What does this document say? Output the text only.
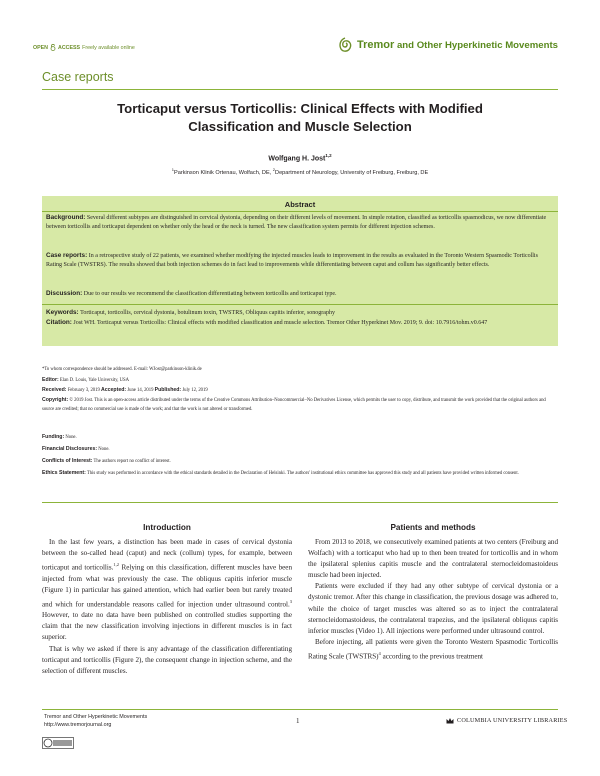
OPEN ACCESS Freely available online	Tremor and Other Hyperkinetic Movements
Case reports
Torticaput versus Torticollis: Clinical Effects with Modified
Classification and Muscle Selection
Wolfgang H. Jost$^{1,2}$
$^1$Parkinson Klinik Ortenau, Wolfach, DE, $^2$Department of Neurology, University of Freiburg, Freiburg, DE
Abstract
Background: Several different subtypes are distinguished in cervical dystonia, depending on their different levels of movement. In simple rotation, classified as torticollis spasmodicus, we now differentiate between torticollis and torticaput dependent on whether only the head or the neck is turned. The new classification system permits for different injection schemes.
Case reports: In a retrospective study of 22 patients, we examined whether modifying the injected muscles leads to improvement in the results as evaluated in the Toronto Western Spasmodic Torticollis Rating Scale (TWSTRS). The results showed that both injection schemes do in fact lead to improvements while differentiating between caput and collum has significantly better effects.
Discussion: Due to our results we recommend the classification differentiating between torticollis and torticaput type.
Keywords: Torticaput, torticollis, cervical dystonia, botulinum toxin, TWSTRS, Obliquus capitis inferior, sonography
Citation: Jost WH. Torticaput versus Torticollis: Clinical effects with modified classification and muscle selection. Tremor Other Hyperkinet Mov. 2019; 9. doi: 10.7916/tohm.v0.647
*To whom correspondence should be addressed. E-mail: WJost@parkinson-klinik.de
Editor: Elan D. Louis, Yale University, USA
Received: February 3, 2019 Accepted: June 14, 2019 Published: July 12, 2019
Copyright: © 2019 Jost. This is an open-access article distributed under the terms of the Creative Commons Attribution–Noncommercial–No Derivatives License, which permits the user to copy, distribute, and transmit the work provided that the original authors and source are credited; that no commercial use is made of the work; and that the work is not altered or transformed.
Funding: None.
Financial Disclosures: None.
Conflicts of Interest: The authors report no conflict of interest.
Ethics Statement: This study was performed in accordance with the ethical standards detailed in the Declaration of Helsinki. The authors' institutional ethics committee has approved this study and all patients have provided written informed consent.
Introduction

In the last few years, a distinction has been made in cases of cervical dystonia between the so-called head (caput) and neck (collum) types, for example, between torticaput and torticollis.$^{1,2}$ Relying on this classification, different muscles have been injected from what was previously the case. The obliquus capitis inferior muscle (Figure 1) in particular has gained attention, which had earlier been but rarely treated and which for understandable reasons called for injection under ultrasound control.$^3$ However, to date no data have been published on controlled studies supporting the claim that the new classification involving injections in different muscles is in fact superior.

That is why we asked if there is any advantage of the classification differentiating torticaput and torticollis (Figure 2), the consequent change in injection scheme, and the selection of different muscles.

Patients and methods

From 2013 to 2018, we consecutively examined patients at two centers (Freiburg and Wolfach) with a torticaput who had up to then been treated for torticollis and in whom the ipsilateral splenius capitis muscle and the contralateral sternocleidomastoideus muscle had been injected.

Patients were excluded if they had any other subtype of cervical dystonia or a dystonic tremor. After this change in classification, the previous dosage was adhered to, while the choice of target muscles was altered so as to inject the contralateral sternocleidomastoideus, the contralateral trapezius, and the ipsilateral obliquus capitis inferior muscles (Video 1). All injections were performed under ultrasound control.

Before injecting, all patients were given the Toronto Western Spasmodic Torticollis Rating Scale (TWSTRS)$^4$ according to the previous treatment

Tremor and Other Hyperkinetic Movements
http://www.tremorjournal.org	1	COLUMBIA UNIVERSITY LIBRARIES
